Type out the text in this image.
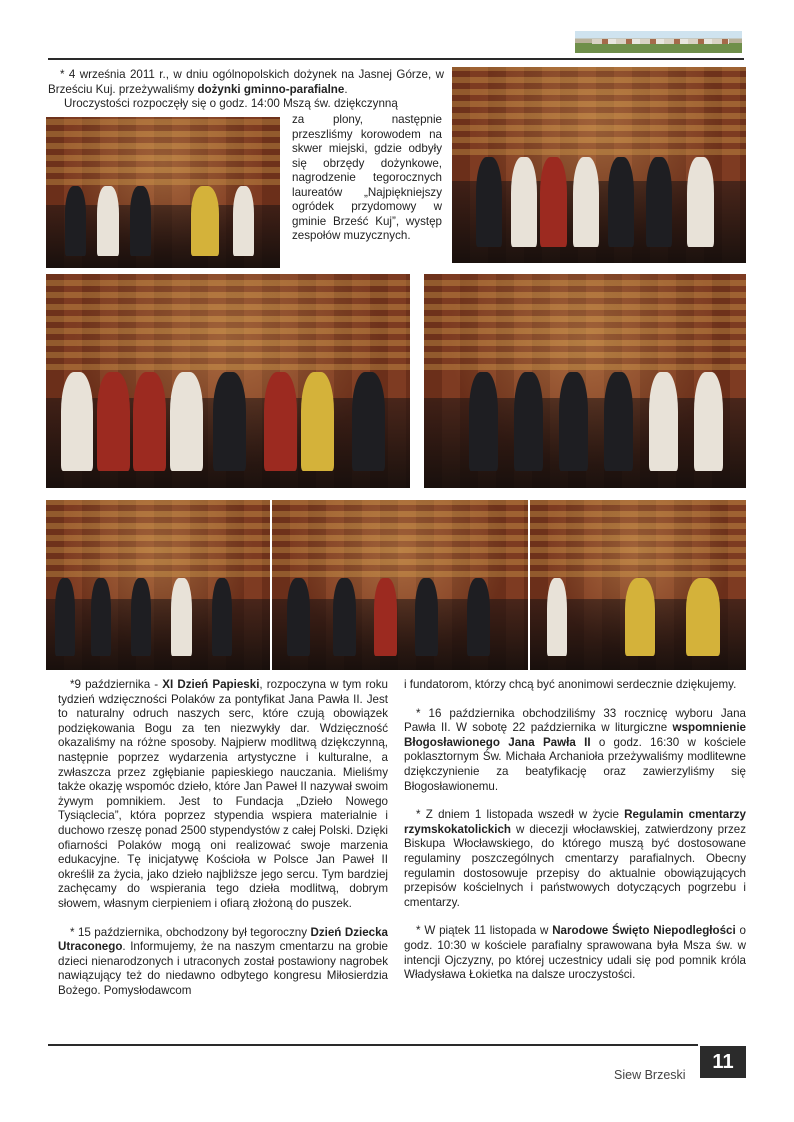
* 4 września 2011 r., w dniu ogólnopolskich dożynek na Jasnej Górze, w Brześciu Kuj. przeżywaliśmy dożynki gminno-parafialne.

Uroczystości rozpoczęły się o godz. 14:00 Mszą św. dziękczynną

za plony, następnie przeszliśmy korowodem na skwer miejski, gdzie odbyły się obrzędy dożynkowe, nagrodzenie tegorocznych laureatów „Najpiękniejszy ogródek przydomowy w gminie Brześć Kuj”, występ zespołów muzycznych.

*9 października - XI Dzień Papieski, rozpoczyna w tym roku tydzień wdzięczności Polaków za pontyfikat Jana Pawła II. Jest to naturalny odruch naszych serc, które czują obowiązek podziękowania Bogu za ten niezwykły dar. Wdzięczność okazaliśmy na różne sposoby. Najpierw modlitwą dziękczynną, następnie poprzez wydarzenia artystyczne i kulturalne, a zwłaszcza przez zgłębianie papieskiego nauczania. Mieliśmy także okazję wspomóc dzieło, które Jan Paweł II nazywał swoim żywym pomnikiem. Jest to Fundacja „Dzieło Nowego Tysiąclecia”, która poprzez stypendia wspiera materialnie i duchowo rzeszę ponad 2500 stypendystów z całej Polski. Dzięki ofiarności Polaków mogą oni realizować swoje marzenia edukacyjne. Tę inicjatywę Kościoła w Polsce Jan Paweł II określił za życia, jako dzieło najbliższe jego sercu. Tym bardziej zachęcamy do wspierania tego dzieła modlitwą, dobrym słowem, własnym cierpieniem i ofiarą złożoną do puszek.

* 15 października, obchodzony był tegoroczny Dzień Dziecka Utraconego. Informujemy, że na naszym cmentarzu na grobie dzieci nienarodzonych i utraconych został postawiony nagrobek nawiązujący też do niedawno odbytego kongresu Miłosierdzia Bożego. Pomysłodawcom

i fundatorom, którzy chcą być anonimowi serdecznie dziękujemy.

* 16 października obchodziliśmy 33 rocznicę wyboru Jana Pawła II. W sobotę 22 października w liturgiczne wspomnienie Błogosławionego Jana Pawła II o godz. 16:30 w kościele poklasztornym Św. Michała Archanioła przeżywaliśmy modlitewne dziękczynienie za beatyfikację oraz zawierzyliśmy się Błogosławionemu.

* Z dniem 1 listopada wszedł w życie Regulamin cmentarzy rzymskokatolickich w diecezji włocławskiej, zatwierdzony przez Biskupa Włocławskiego, do którego muszą być dostosowane regulaminy poszczególnych cmentarzy parafialnych. Obecny regulamin dostosowuje przepisy do aktualnie obowiązujących przepisów kościelnych i państwowych dotyczących pogrzebu i cmentarzy.

* W piątek 11 listopada w Narodowe Święto Niepodległości o godz. 10:30 w kościele parafialny sprawowana była Msza św. w intencji Ojczyzny, po której uczestnicy udali się pod pomnik króla Władysława Łokietka na dalsze uroczystości.

Siew Brzeski
11
